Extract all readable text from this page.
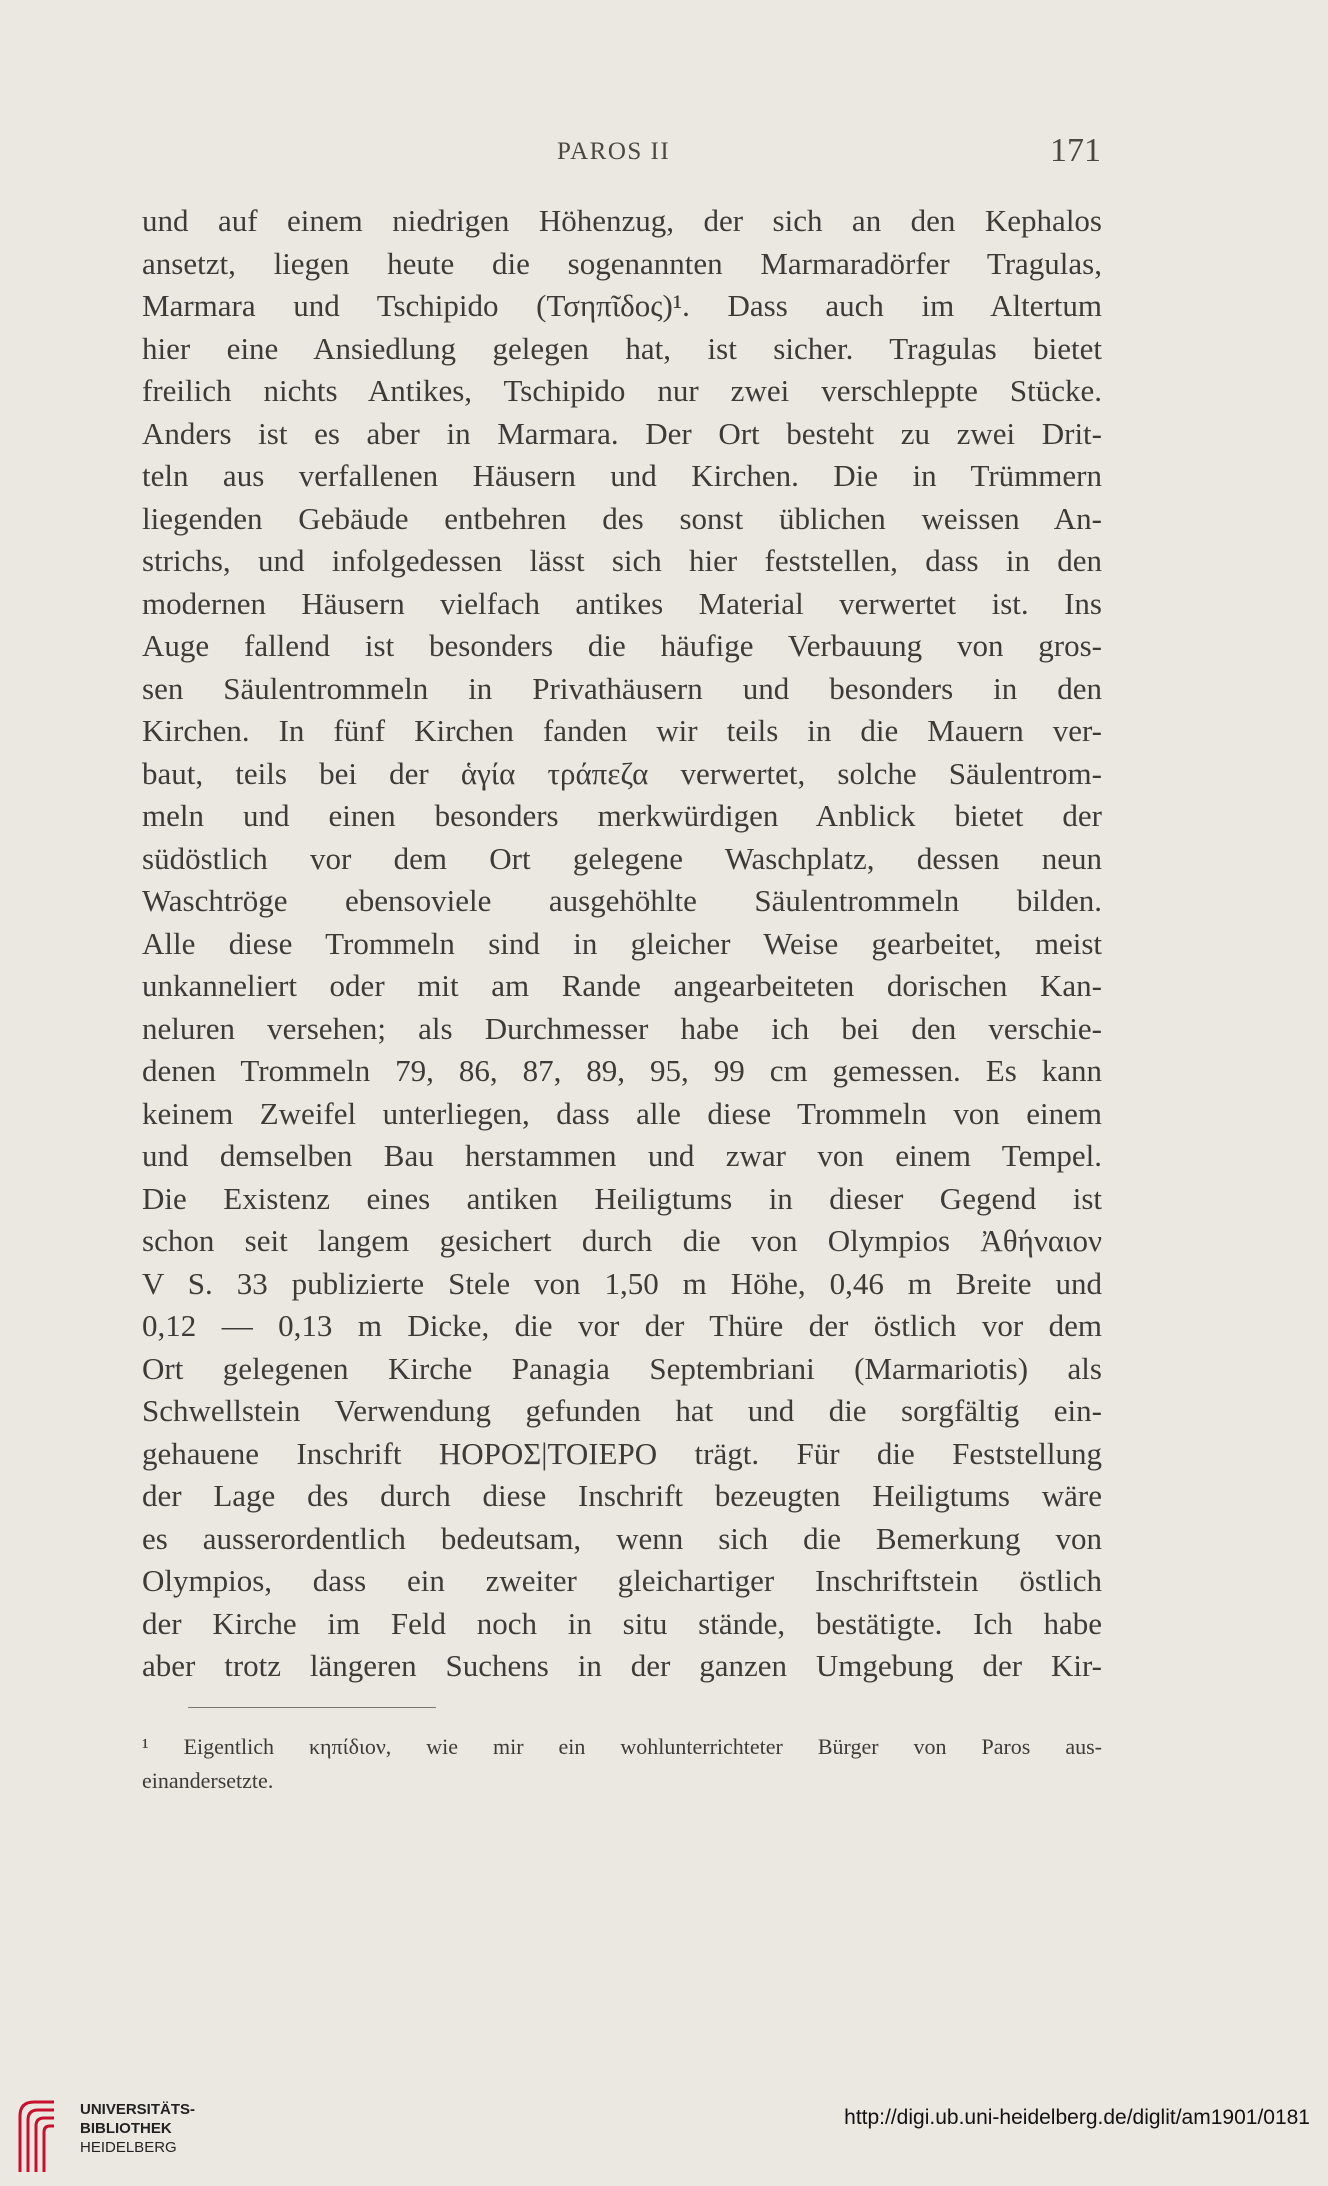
PAROS II	171
und auf einem niedrigen Höhenzug, der sich an den Kephalos
ansetzt, liegen heute die sogenannten Marmaradörfer Tragulas,
Marmara und Tschipido (Τσηπῖδος)¹. Dass auch im Altertum
hier eine Ansiedlung gelegen hat, ist sicher. Tragulas bietet
freilich nichts Antikes, Tschipido nur zwei verschleppte Stücke.
Anders ist es aber in Marmara. Der Ort besteht zu zwei Drit-
teln aus verfallenen Häusern und Kirchen. Die in Trümmern
liegenden Gebäude entbehren des sonst üblichen weissen An-
strichs, und infolgedessen lässt sich hier feststellen, dass in den
modernen Häusern vielfach antikes Material verwertet ist. Ins
Auge fallend ist besonders die häufige Verbauung von gros-
sen Säulentrommeln in Privathäusern und besonders in den
Kirchen. In fünf Kirchen fanden wir teils in die Mauern ver-
baut, teils bei der ἁγία τράπεζα verwertet, solche Säulentrom-
meln und einen besonders merkwürdigen Anblick bietet der
südöstlich vor dem Ort gelegene Waschplatz, dessen neun
Waschtröge ebensoviele ausgehöhlte Säulentrommeln bilden.
Alle diese Trommeln sind in gleicher Weise gearbeitet, meist
unkanneliert oder mit am Rande angearbeiteten dorischen Kan-
neluren versehen; als Durchmesser habe ich bei den verschie-
denen Trommeln 79, 86, 87, 89, 95, 99 cm gemessen. Es kann
keinem Zweifel unterliegen, dass alle diese Trommeln von einem
und demselben Bau herstammen und zwar von einem Tempel.
Die Existenz eines antiken Heiligtums in dieser Gegend ist
schon seit langem gesichert durch die von Olympios Ἀθήναιον
V S. 33 publizierte Stele von 1,50 m Höhe, 0,46 m Breite und
0,12 — 0,13 m Dicke, die vor der Thüre der östlich vor dem
Ort gelegenen Kirche Panagia Septembriani (Marmariotis) als
Schwellstein Verwendung gefunden hat und die sorgfältig ein-
gehauene Inschrift ΗΟΡΟΣ|ΤΟΙΕΡΟ trägt. Für die Feststellung
der Lage des durch diese Inschrift bezeugten Heiligtums wäre
es ausserordentlich bedeutsam, wenn sich die Bemerkung von
Olympios, dass ein zweiter gleichartiger Inschriftstein östlich
der Kirche im Feld noch in situ stände, bestätigte. Ich habe
aber trotz längeren Suchens in der ganzen Umgebung der Kir-
¹ Eigentlich κηπίδιον, wie mir ein wohlunterrichteter Bürger von Paros aus-
einandersetzte.
UNIVERSITÄTS-
BIBLIOTHEK
HEIDELBERG
http://digi.ub.uni-heidelberg.de/diglit/am1901/0181
